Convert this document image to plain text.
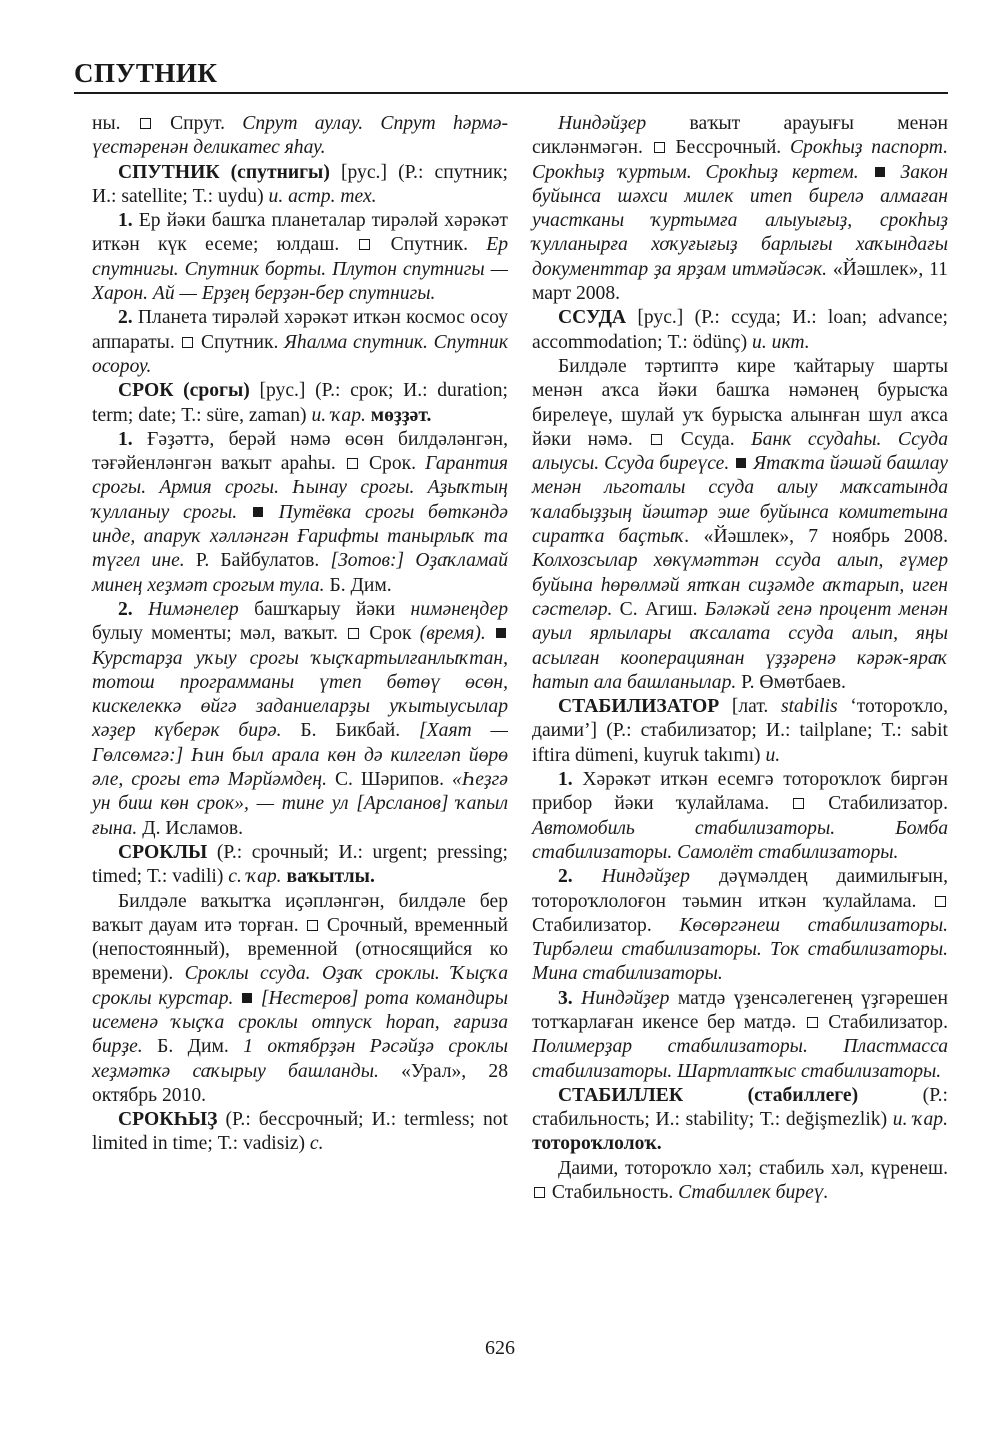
СПУТНИК

ны.  Спрут. Спрут аулау. Спрут һәрмәүестәренән деликатес яһау.

СПУТНИК (спутнигы) [рус.] (Р.: спутник; И.: satellite; Т.: uydu) и. астр. тех.

1. Ер йәки башҡа планеталар тирәләй хәрәкәт иткән күк есеме; юлдаш.  Спутник. Ер спутнигы. Спутник борты. Плутон спутнигы — Харон. Ай — Ерҙең берҙән-бер спутнигы.

2. Планета тирәләй хәрәкәт иткән космос осоу аппараты.  Спутник. Яһалма спутник. Спутник осороу.

СРОК (срогы) [рус.] (Р.: срок; И.: duration; term; date; Т.: süre, zaman) и. ҡар. мөҙҙәт.

1. Ғәҙәттә, берәй нәмә өсөн билдәләнгән, тәғәйенләнгән ваҡыт араһы.  Срок. Гарантия срогы. Армия срогы. Һынау срогы. Аҙыҡтың ҡулланыу срогы.  Путёвка срогы бөткәндә инде, апаруҡ хәлләнгән Ғарифты танырлыҡ та түгел ине. Р. Байбулатов. [Зотов:] Оҙаҡламай минең хеҙмәт срогым тула. Б. Дим.

2. Нимәнелер башҡарыу йәки нимәнеңдер булыу моменты; мәл, ваҡыт.  Срок (время).  Курстарҙа уҡыу срогы ҡыҫҡартылғанлыҡтан, тотош программаны үтеп бөтөү өсөн, кискелеккә өйгә заданиеларҙы уҡытыусылар хәҙер күберәк бирә. Б. Бикбай. [Хаят — Гөлсөмгә:] Һин был арала көн дә килгеләп йөрө әле, срогы етә Мәрйәмдең. С. Шәрипов. «Һеҙгә ун биш көн срок», — тине ул [Арсланов] ҡапыл ғына. Д. Исламов.

СРОКЛЫ (Р.: срочный; И.: urgent; pressing; timed; Т.: vadili) с. ҡар. ваҡытлы.

Билдәле ваҡытҡа иҫәпләнгән, билдәле бер ваҡыт дауам итә торған.  Срочный, временный (непостоянный), временной (относящийся ко времени). Сроклы ссуда. Оҙаҡ сроклы. Ҡыҫҡа сроклы курстар.  [Нестеров] рота командиры исеменә ҡыҫҡа сроклы отпуск һорап, ғариза бирҙе. Б. Дим. 1 октябрҙән Рәсәйҙә сроклы хеҙмәткә саҡырыу башланды. «Урал», 28 октябрь 2010.

СРОКҺЫҘ (Р.: бессрочный; И.: termless; not limited in time; Т.: vadisiz) с.

Ниндәйҙер ваҡыт арауығы менән сикләнмәгән.  Бессрочный. Срокһыҙ паспорт. Срокһыҙ ҡуртым. Срокһыҙ кертем.  Закон буйынса шәхси милек итеп бирелә алмаған участканы ҡуртымға алыуығыҙ, срокһыҙ ҡулланырға хоҡуғығыҙ барлығы хаҡындағы документтар ҙа ярҙам итмәйәсәк. «Йәшлек», 11 март 2008.

ССУДА [рус.] (Р.: ссуда; И.: loan; advance; accommodation; Т.: ödünç) и. икт.

Билдәле тәртиптә кире ҡайтарыу шарты менән аҡса йәки башҡа нәмәнең бурысҡа бирелеүе, шулай уҡ бурысҡа алынған шул аҡса йәки нәмә.  Ссуда. Банк ссудаһы. Ссуда алыусы. Ссуда биреүсе.  Ятаҡта йәшәй башлау менән льготалы ссуда алыу маҡсатында ҡалабыҙҙың йәштәр эше буйынса комитетына сиратҡа баҫтыҡ. «Йәшлек», 7 ноябрь 2008. Колхозсылар хөкүмәттән ссуда алып, ғүмер буйына һөрөлмәй ятҡан сиҙәмде аҡтарып, иген сәстеләр. С. Агиш. Бәләкәй генә процент менән ауыл ярлылары аҡсалата ссуда алып, яңы асылған кооперациянан үҙҙәренә кәрәк-яраҡ һатып ала башланылар. Р. Өмөтбаев.

СТАБИЛИЗАТОР [лат. stabilis ‘тотороҡло, даими’] (Р.: стабилизатор; И.: tailplane; Т.: sabit iftira dümeni, kuyruk takımı) и.

1. Хәрәкәт иткән есемгә тотороҡлоҡ биргән прибор йәки ҡулайлама.  Стабилизатор. Автомобиль стабилизаторы. Бомба стабилизаторы. Самолёт стабилизаторы.

2. Ниндәйҙер дәүмәлдең даимилығын, тотороҡлолоғон тәьмин иткән ҡулайлама.  Стабилизатор. Көсөргәнеш стабилизаторы. Тирбәлеш стабилизаторы. Ток стабилизаторы. Мина стабилизаторы.

3. Ниндәйҙер матдә үҙенсәлегенең үҙгәрешен тотҡарлаған икенсе бер матдә.  Стабилизатор. Полимерҙар стабилизаторы. Пластмасса стабилизаторы. Шартлатҡыс стабилизаторы.

СТАБИЛЛЕК (стабиллеге) (Р.: стабильность; И.: stability; Т.: değişmezlik) и. ҡар. тотороҡлолоҡ.

Даими, тотороҡло хәл; стабиль хәл, күренеш.  Стабильность. Стабиллек биреү.

626
